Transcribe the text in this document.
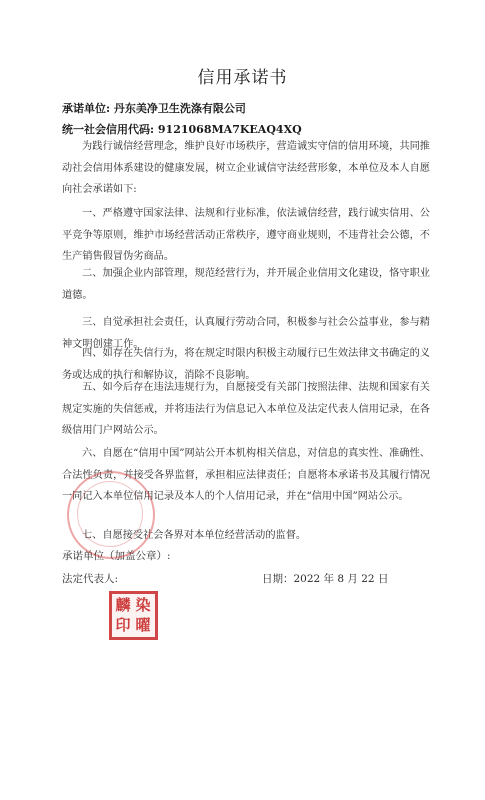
信用承诺书
承诺单位: 丹东美净卫生洗涤有限公司
统一社会信用代码: 9121068MA7KEAQ4XQ
为践行诚信经营理念，维护良好市场秩序，营造诚实守信的信用环境，共同推动社会信用体系建设的健康发展，树立企业诚信守法经营形象，本单位及本人自愿向社会承诺如下:
一、严格遵守国家法律、法规和行业标准，依法诚信经营，践行诚实信用、公平竞争等原则，维护市场经营活动正常秩序，遵守商业规则，不违背社会公德，不生产销售假冒伪劣商品。
二、加强企业内部管理，规范经营行为，并开展企业信用文化建设，恪守职业道德。
三、自觉承担社会责任，认真履行劳动合同，积极参与社会公益事业，参与精神文明创建工作。
四、如存在失信行为，将在规定时限内积极主动履行已生效法律文书确定的义务或达成的执行和解协议，消除不良影响。
五、如今后存在违法违规行为，自愿接受有关部门按照法律、法规和国家有关规定实施的失信惩戒，并将违法行为信息记入本单位及法定代表人信用记录，在各级信用门户网站公示。
六、自愿在“信用中国”网站公开本机构相关信息，对信息的真实性、准确性、合法性负责，并接受各界监督，承担相应法律责任；自愿将本承诺书及其履行情况一同记入本单位信用记录及本人的个人信用记录，并在“信用中国”网站公示。
七、自愿接受社会各界对本单位经营活动的监督。
承诺单位（加盖公章）:
法定代表人:	日期：2022 年 8 月 22 日
麟 染
印 曜
